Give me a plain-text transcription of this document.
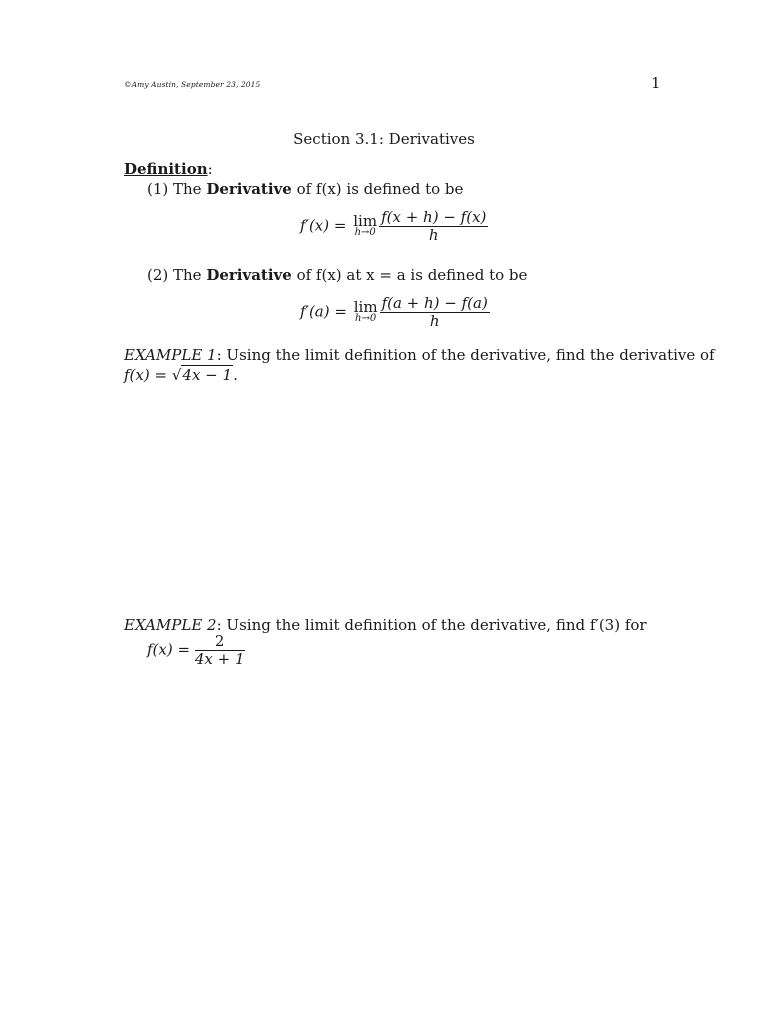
©Amy Austin, September 23, 2015	1
Section 3.1: Derivatives
Definition:
(1) The Derivative of f(x) is defined to be
f′(x) = lim
$h\to 0 \frac{f(x + h) - f(x)}{h}$
(2) The Derivative of f(x) at x = a is defined to be
f′(a) = lim
$h\to 0 \frac{f(a + h) - f(a)}{h}$
EXAMPLE 1: Using the limit definition of the derivative, find the derivative of
f(x) = √4x − 1.
EXAMPLE 2: Using the limit definition of the derivative, find f′(3) for
$f(x) = \frac{2}{4x + 1}$
